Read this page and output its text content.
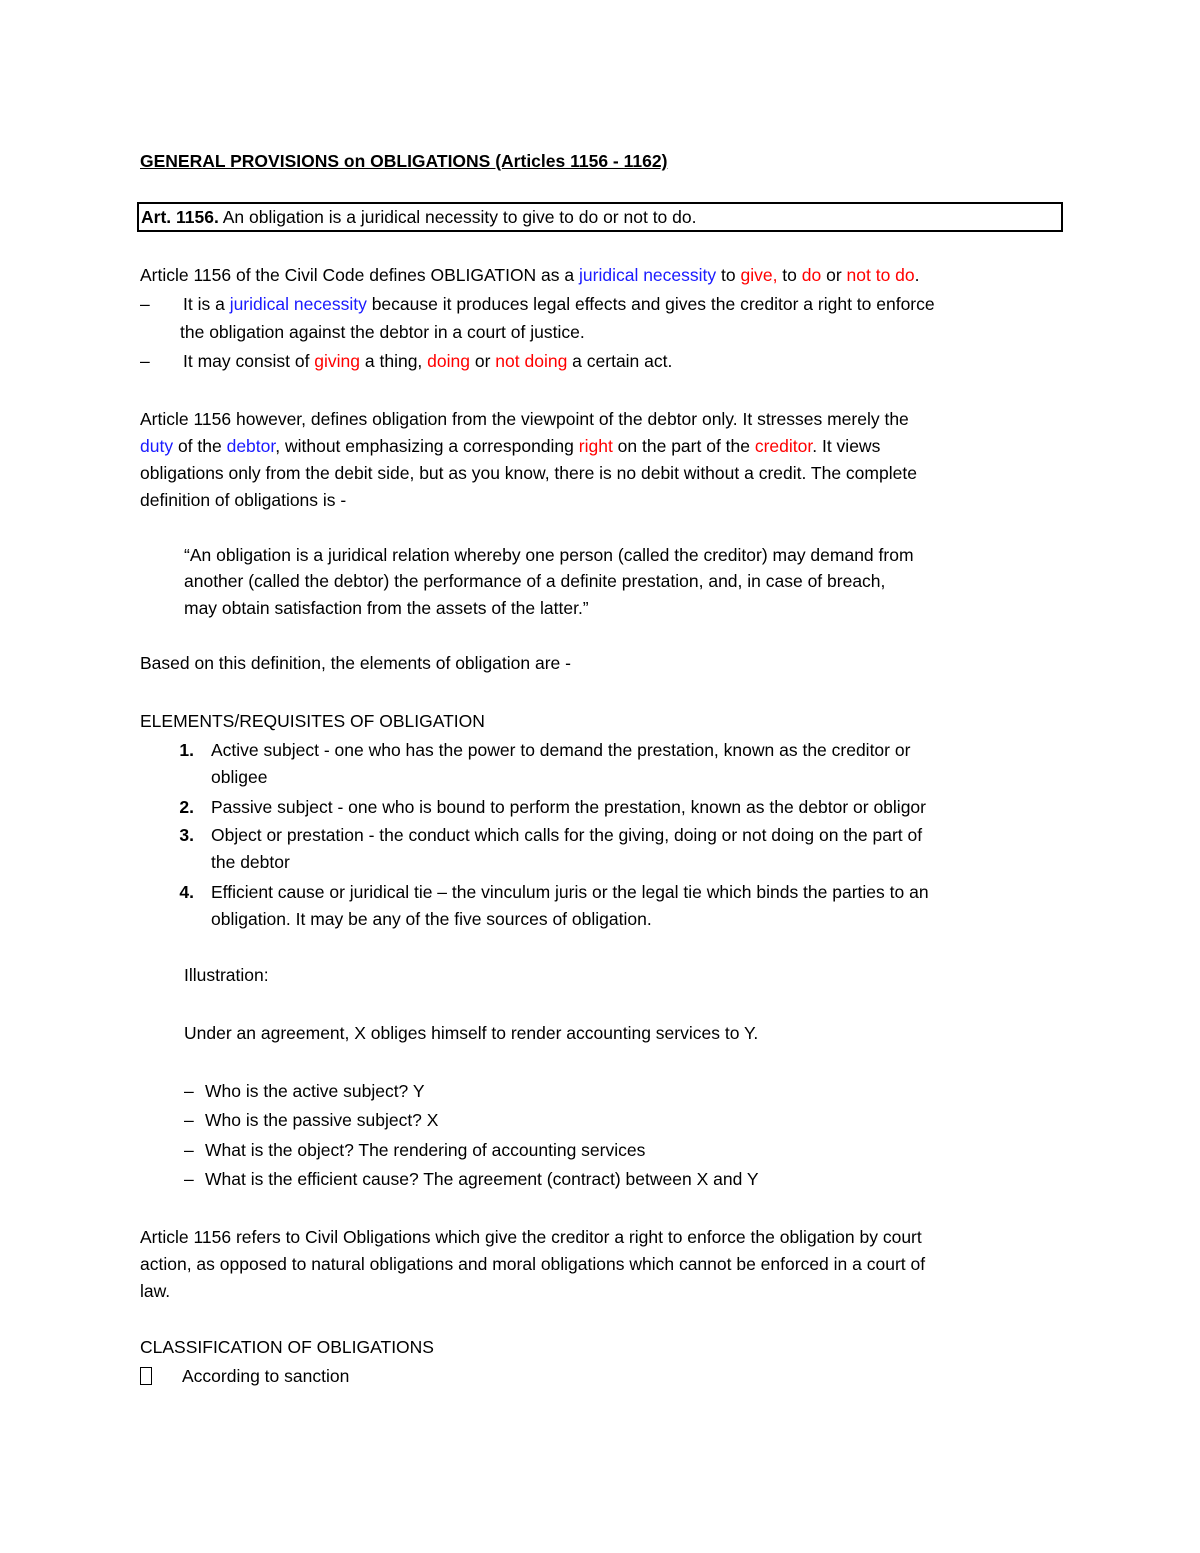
GENERAL PROVISIONS on OBLIGATIONS (Articles 1156 - 1162)
Art. 1156. An obligation is a juridical necessity to give to do or not to do.
Article 1156 of the Civil Code defines OBLIGATION as a juridical necessity to give, to do or not to do.
–	It is a juridical necessity because it produces legal effects and gives the creditor a right to enforce
the obligation against the debtor in a court of justice.
–	It may consist of giving a thing, doing or not doing a certain act.
Article 1156 however, defines obligation from the viewpoint of the debtor only. It stresses merely the
duty of the debtor, without emphasizing a corresponding right on the part of the creditor. It views
obligations only from the debit side, but as you know, there is no debit without a credit. The complete
definition of obligations is -
“An obligation is a juridical relation whereby one person (called the creditor) may demand from
another (called the debtor) the performance of a definite prestation, and, in case of breach,
may obtain satisfaction from the assets of the latter.”
Based on this definition, the elements of obligation are -
ELEMENTS/REQUISITES OF OBLIGATION
1. Active subject - one who has the power to demand the prestation, known as the creditor or
obligee
2. Passive subject - one who is bound to perform the prestation, known as the debtor or obligor
3. Object or prestation - the conduct which calls for the giving, doing or not doing on the part of
the debtor
4. Efficient cause or juridical tie – the vinculum juris or the legal tie which binds the parties to an
obligation. It may be any of the five sources of obligation.
Illustration:
Under an agreement, X obliges himself to render accounting services to Y.
– Who is the active subject? Y
– Who is the passive subject? X
– What is the object? The rendering of accounting services
– What is the efficient cause? The agreement (contract) between X and Y
Article 1156 refers to Civil Obligations which give the creditor a right to enforce the obligation by court
action, as opposed to natural obligations and moral obligations which cannot be enforced in a court of
law.
CLASSIFICATION OF OBLIGATIONS
According to sanction
